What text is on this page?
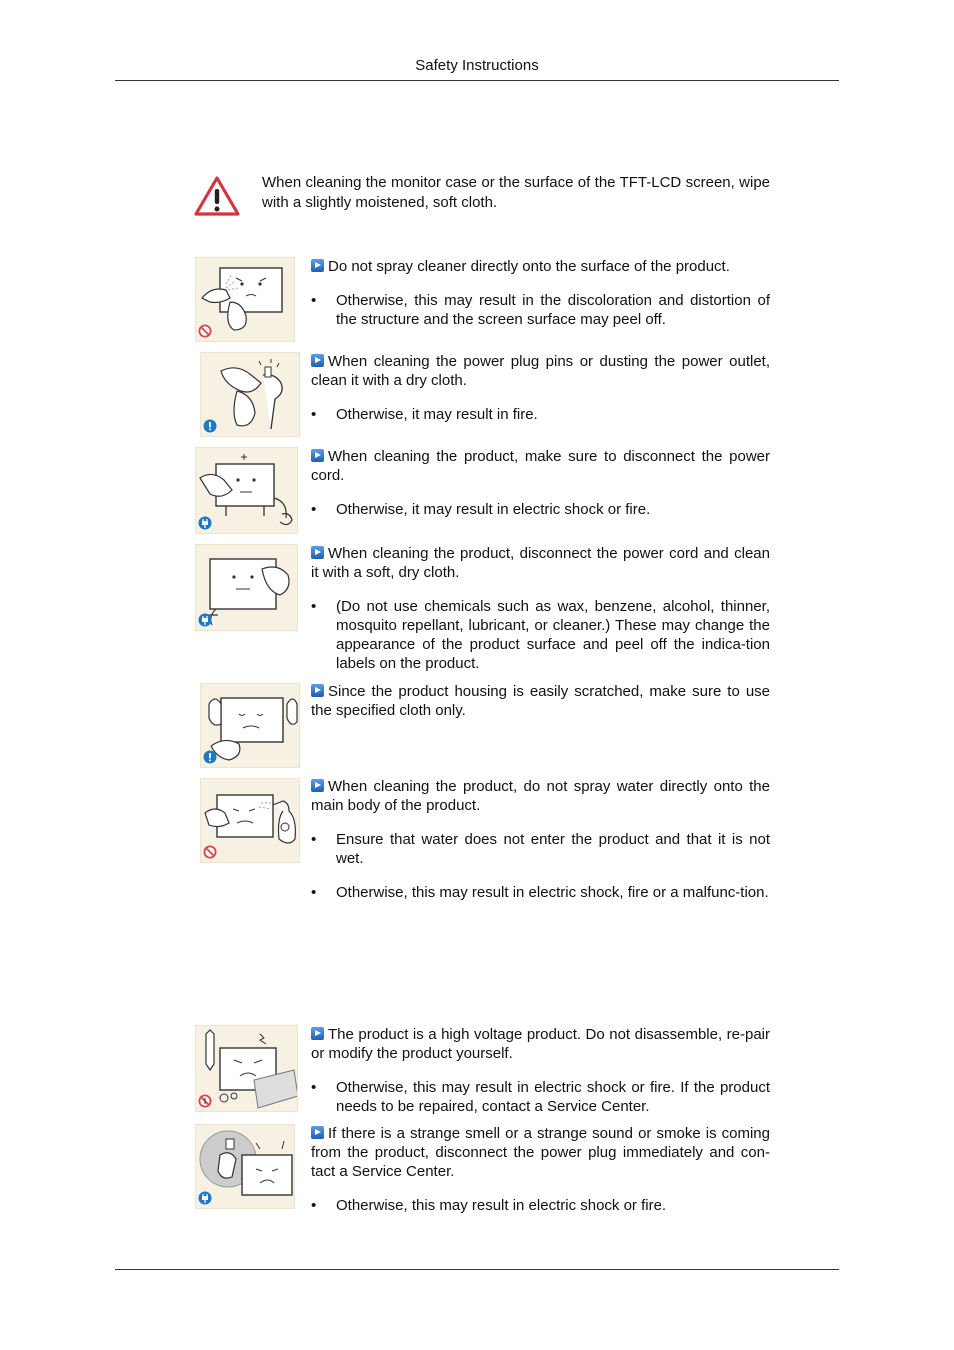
Safety Instructions
When cleaning the monitor case or the surface of the TFT-LCD screen, wipe with a slightly moistened, soft cloth.

Do not spray cleaner directly onto the surface of the product.

• Otherwise, this may result in the discoloration and distortion of the structure and the screen surface may peel off.

When cleaning the power plug pins or dusting the power outlet, clean it with a dry cloth.

• Otherwise, it may result in fire.

When cleaning the product, make sure to disconnect the power cord.

• Otherwise, it may result in electric shock or fire.

When cleaning the product, disconnect the power cord and clean it with a soft, dry cloth.

• (Do not use chemicals such as wax, benzene, alcohol, thinner, mosquito repellant, lubricant, or cleaner.) These may change the appearance of the product surface and peel off the indica-tion labels on the product.

Since the product housing is easily scratched, make sure to use the specified cloth only.

When cleaning the product, do not spray water directly onto the main body of the product.

• Ensure that water does not enter the product and that it is not wet.

• Otherwise, this may result in electric shock, fire or a malfunc-tion.

The product is a high voltage product. Do not disassemble, re-pair or modify the product yourself.

• Otherwise, this may result in electric shock or fire. If the product needs to be repaired, contact a Service Center.

If there is a strange smell or a strange sound or smoke is coming from the product, disconnect the power plug immediately and con-tact a Service Center.

• Otherwise, this may result in electric shock or fire.
